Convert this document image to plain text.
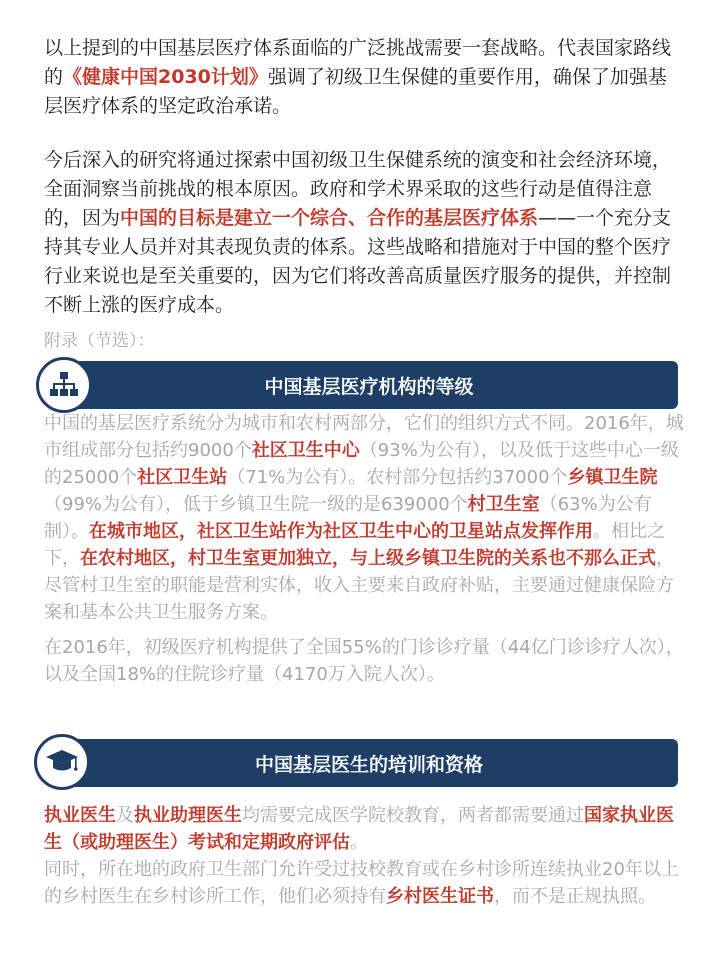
以上提到的中国基层医疗体系面临的广泛挑战需要一套战略。代表国家路线的《健康中国2030计划》强调了初级卫生保健的重要作用，确保了加强基层医疗体系的坚定政治承诺。

今后深入的研究将通过探索中国初级卫生保健系统的演变和社会经济环境，全面洞察当前挑战的根本原因。政府和学术界采取的这些行动是值得注意的，因为中国的目标是建立一个综合、合作的基层医疗体系——一个充分支持其专业人员并对其表现负责的体系。这些战略和措施对于中国的整个医疗行业来说也是至关重要的，因为它们将改善高质量医疗服务的提供，并控制不断上涨的医疗成本。

附录（节选）：

中国基层医疗机构的等级

中国的基层医疗系统分为城市和农村两部分，它们的组织方式不同。2016年，城市组成部分包括约9000个社区卫生中心（93%为公有），以及低于这些中心一级的25000个社区卫生站（71%为公有）。农村部分包括约37000个乡镇卫生院（99%为公有），低于乡镇卫生院一级的是639000个村卫生室（63%为公有制）。在城市地区，社区卫生站作为社区卫生中心的卫星站点发挥作用。相比之下，在农村地区，村卫生室更加独立，与上级乡镇卫生院的关系也不那么正式，尽管村卫生室的职能是营利实体，收入主要来自政府补贴，主要通过健康保险方案和基本公共卫生服务方案。

在2016年，初级医疗机构提供了全国55%的门诊诊疗量（44亿门诊诊疗人次），以及全国18%的住院诊疗量（4170万入院人次）。

中国基层医生的培训和资格

执业医生及执业助理医生均需要完成医学院校教育，两者都需要通过国家执业医生（或助理医生）考试和定期政府评估。

同时，所在地的政府卫生部门允许受过技校教育或在乡村诊所连续执业20年以上的乡村医生在乡村诊所工作，他们必须持有乡村医生证书，而不是正规执照。
